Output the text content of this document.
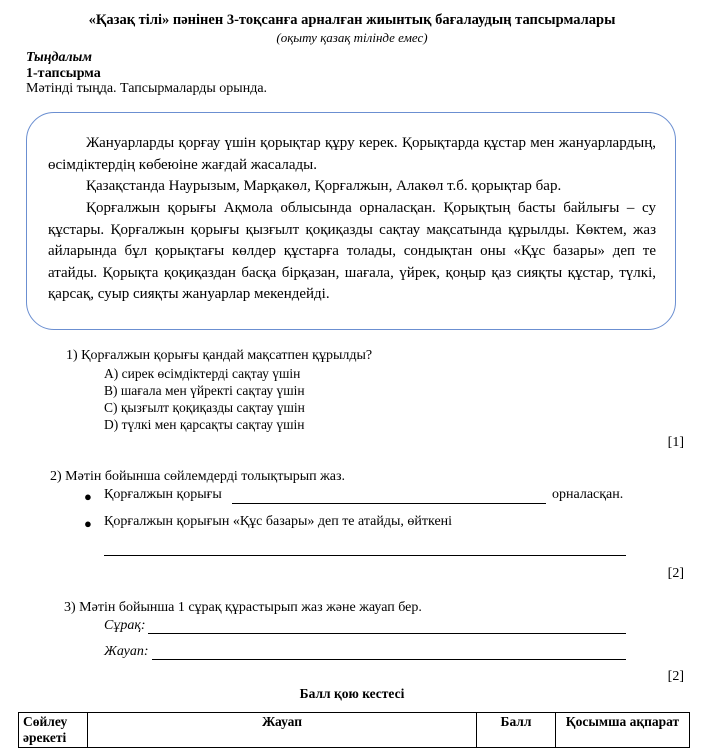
«Қазақ тілі» пәнінен 3-тоқсанға арналған жиынтық бағалаудың тапсырмалары
(оқыту қазақ тілінде емес)
Тыңдалым
1-тапсырма
Мәтінді тыңда. Тапсырмаларды орында.
Жануарларды қорғау үшін қорықтар құру керек. Қорықтарда құстар мен жануарлардың, өсімдіктердің көбеюіне жағдай жасалады.
Қазақстанда Наурызым, Марқакөл, Қорғалжын, Алакөл т.б. қорықтар бар.
Қорғалжын қорығы Ақмола облысында орналасқан. Қорықтың басты байлығы – су құстары. Қорғалжын қорығы қызғылт қоқиқазды сақтау мақсатында құрылды. Көктем, жаз айларында бұл қорықтағы көлдер құстарға толады, сондықтан оны «Құс базары» деп те атайды. Қорықта қоқиқаздан басқа бірқазан, шағала, үйрек, қоңыр қаз сияқты құстар, түлкі, қарсақ, суыр сияқты жануарлар мекендейді.
1) Қорғалжын қорығы қандай мақсатпен құрылды?
A) сирек өсімдіктерді сақтау үшін
B) шағала мен үйректі сақтау үшін
C) қызғылт қоқиқазды сақтау үшін
D) түлкі мен қарсақты сақтау үшін
[1]
2) Мәтін бойынша сөйлемдерді толықтырып жаз.
● Қорғалжын қорығы	орналасқан.
● Қорғалжын қорығын «Құс базары» деп те атайды, өйткені
[2]
3) Мәтін бойынша 1 сұрақ құрастырып жаз және жауап бер.
Сұрақ:
Жауап:
[2]
Балл қою кестесі
Сөйлеу әрекеті	Жауап	Балл	Қосымша ақпарат
